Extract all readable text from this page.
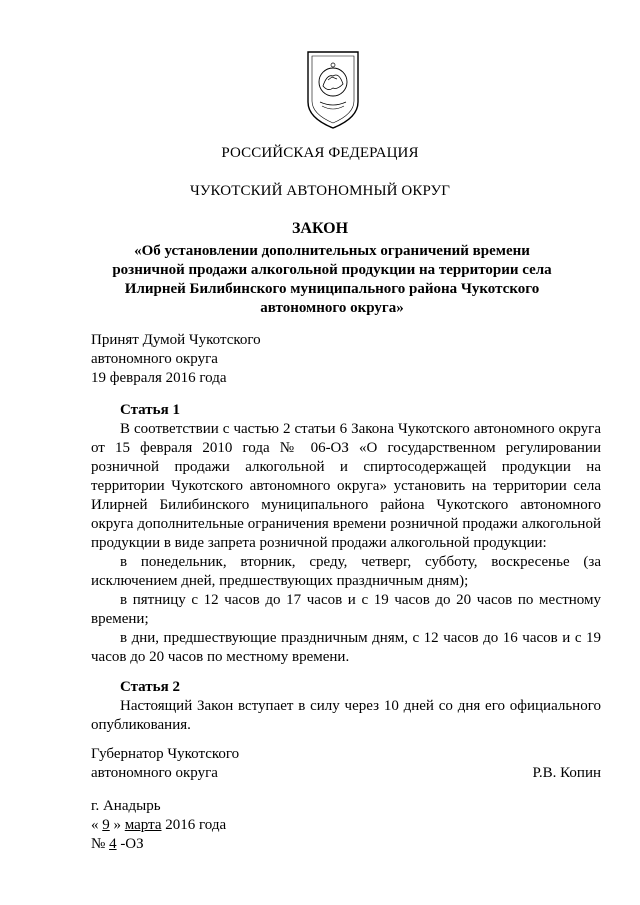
РОССИЙСКАЯ ФЕДЕРАЦИЯ
ЧУКОТСКИЙ АВТОНОМНЫЙ ОКРУГ
ЗАКОН
«Об установлении дополнительных ограничений времени розничной продажи алкогольной продукции на территории села Илирней Билибинского муниципального района Чукотского автономного округа»
Принят Думой Чукотского
автономного округа
19 февраля 2016 года
Статья 1

В соответствии с частью 2 статьи 6 Закона Чукотского автономного округа от 15 февраля 2010 года № 06-ОЗ «О государственном регулировании розничной продажи алкогольной и спиртосодержащей продукции на территории Чукотского автономного округа» установить на территории села Илирней Билибинского муниципального района Чукотского автономного округа дополнительные ограничения времени розничной продажи алкогольной продукции в виде запрета розничной продажи алкогольной продукции:

в понедельник, вторник, среду, четверг, субботу, воскресенье (за исключением дней, предшествующих праздничным дням);

в пятницу с 12 часов до 17 часов и с 19 часов до 20 часов по местному времени;

в дни, предшествующие праздничным дням, с 12 часов до 16 часов и с 19 часов до 20 часов по местному времени.

Статья 2

Настоящий Закон вступает в силу через 10 дней со дня его официального опубликования.

Губернатор Чукотского
автономного округа	Р.В. Копин
г. Анадырь
« 9 » марта 2016 года
№ 4 -ОЗ
